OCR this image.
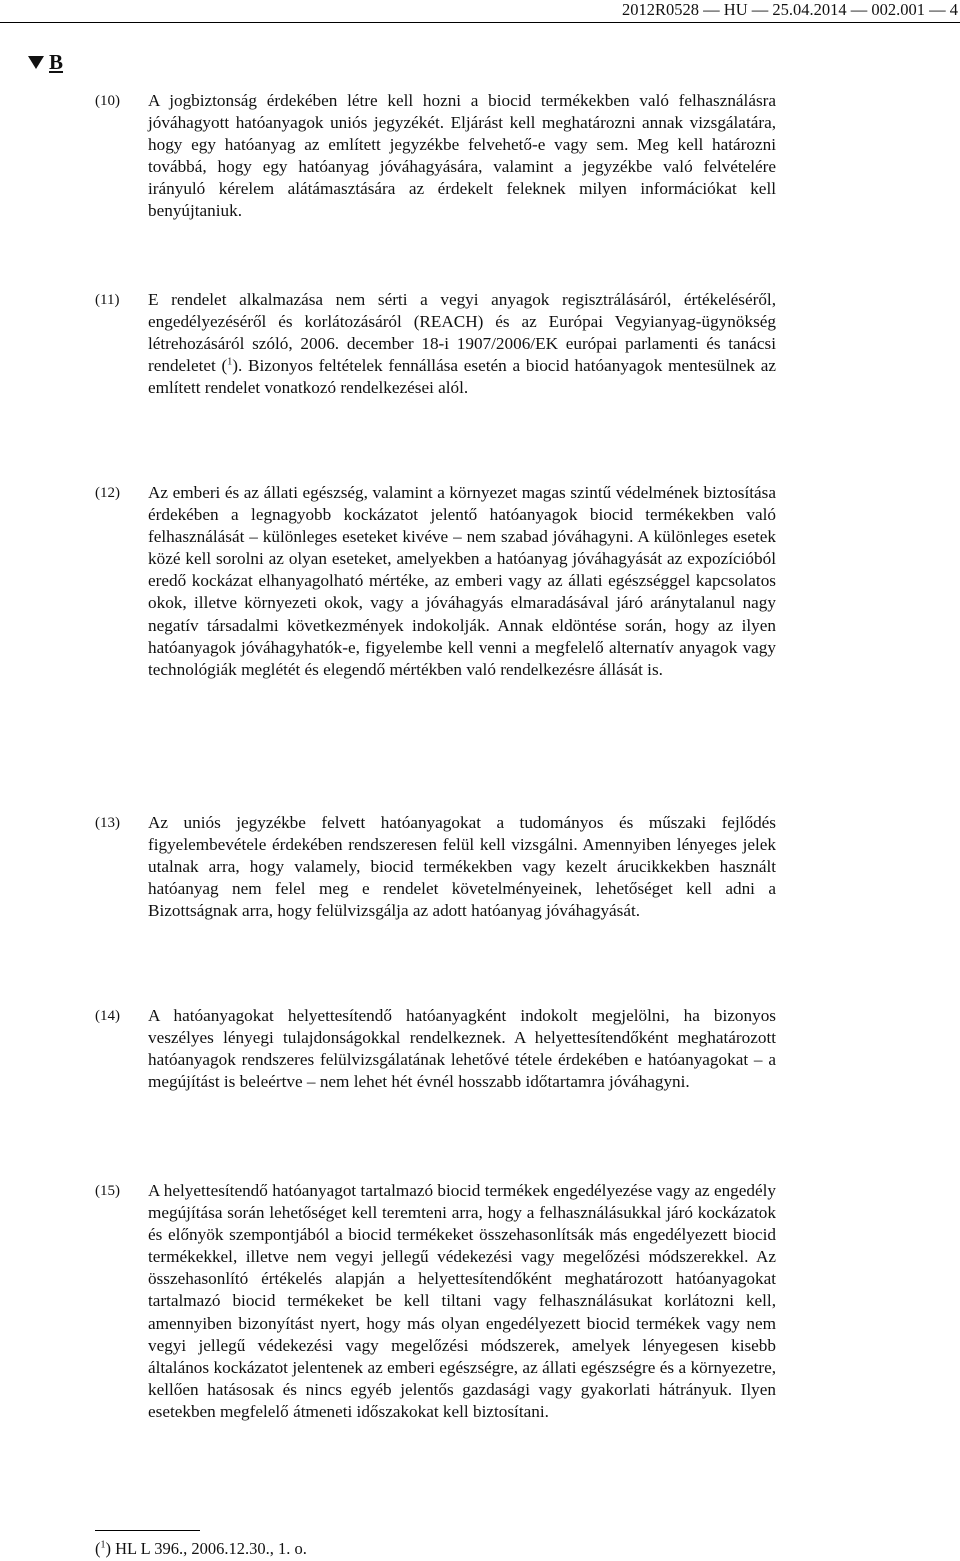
2012R0528 — HU — 25.04.2014 — 002.001 — 4
B
(10)	A jogbiztonság érdekében létre kell hozni a biocid termékekben való felhasználásra jóváhagyott hatóanyagok uniós jegyzékét. Eljárást kell meghatározni annak vizsgálatára, hogy egy hatóanyag az említett jegyzékbe felvehető-e vagy sem. Meg kell határozni továbbá, hogy egy hatóanyag jóváhagyására, valamint a jegyzékbe való felvételére irányuló kérelem alátámasztására az érdekelt feleknek milyen információkat kell benyújtaniuk.
(11)	E rendelet alkalmazása nem sérti a vegyi anyagok regisztrálásáról, értékeléséről, engedélyezéséről és korlátozásáról (REACH) és az Európai Vegyianyag-ügynökség létrehozásáról szóló, 2006. december 18-i 1907/2006/EK európai parlamenti és tanácsi rendeletet ($^1$). Bizonyos feltételek fennállása esetén a biocid hatóanyagok mentesülnek az említett rendelet vonatkozó rendelkezései alól.
(12)	Az emberi és az állati egészség, valamint a környezet magas szintű védelmének biztosítása érdekében a legnagyobb kockázatot jelentő hatóanyagok biocid termékekben való felhasználását – különleges eseteket kivéve – nem szabad jóváhagyni. A különleges esetek közé kell sorolni az olyan eseteket, amelyekben a hatóanyag jóváhagyását az expozícióból eredő kockázat elhanyagolható mértéke, az emberi vagy az állati egészséggel kapcsolatos okok, illetve környezeti okok, vagy a jóváhagyás elmaradásával járó aránytalanul nagy negatív társadalmi következmények indokolják. Annak eldöntése során, hogy az ilyen hatóanyagok jóváhagyhatók-e, figyelembe kell venni a megfelelő alternatív anyagok vagy technológiák meglétét és elegendő mértékben való rendelkezésre állását is.
(13)	Az uniós jegyzékbe felvett hatóanyagokat a tudományos és műszaki fejlődés figyelembevétele érdekében rendszeresen felül kell vizsgálni. Amennyiben lényeges jelek utalnak arra, hogy valamely, biocid termékekben vagy kezelt árucikkekben használt hatóanyag nem felel meg e rendelet követelményeinek, lehetőséget kell adni a Bizottságnak arra, hogy felülvizsgálja az adott hatóanyag jóváhagyását.
(14)	A hatóanyagokat helyettesítendő hatóanyagként indokolt megjelölni, ha bizonyos veszélyes lényegi tulajdonságokkal rendelkeznek. A helyettesítendőként meghatározott hatóanyagok rendszeres felülvizsgálatának lehetővé tétele érdekében e hatóanyagokat – a megújítást is beleértve – nem lehet hét évnél hosszabb időtartamra jóváhagyni.
(15)	A helyettesítendő hatóanyagot tartalmazó biocid termékek engedélyezése vagy az engedély megújítása során lehetőséget kell teremteni arra, hogy a felhasználásukkal járó kockázatok és előnyök szempontjából a biocid termékeket összehasonlítsák más engedélyezett biocid termékekkel, illetve nem vegyi jellegű védekezési vagy megelőzési módszerekkel. Az összehasonlító értékelés alapján a helyettesítendőként meghatározott hatóanyagokat tartalmazó biocid termékeket be kell tiltani vagy felhasználásukat korlátozni kell, amennyiben bizonyítást nyert, hogy más olyan engedélyezett biocid termékek vagy nem vegyi jellegű védekezési vagy megelőzési módszerek, amelyek lényegesen kisebb általános kockázatot jelentenek az emberi egészségre, az állati egészségre és a környezetre, kellően hatásosak és nincs egyéb jelentős gazdasági vagy gyakorlati hátrányuk. Ilyen esetekben megfelelő átmeneti időszakokat kell biztosítani.
($^1$) HL L 396., 2006.12.30., 1. o.
